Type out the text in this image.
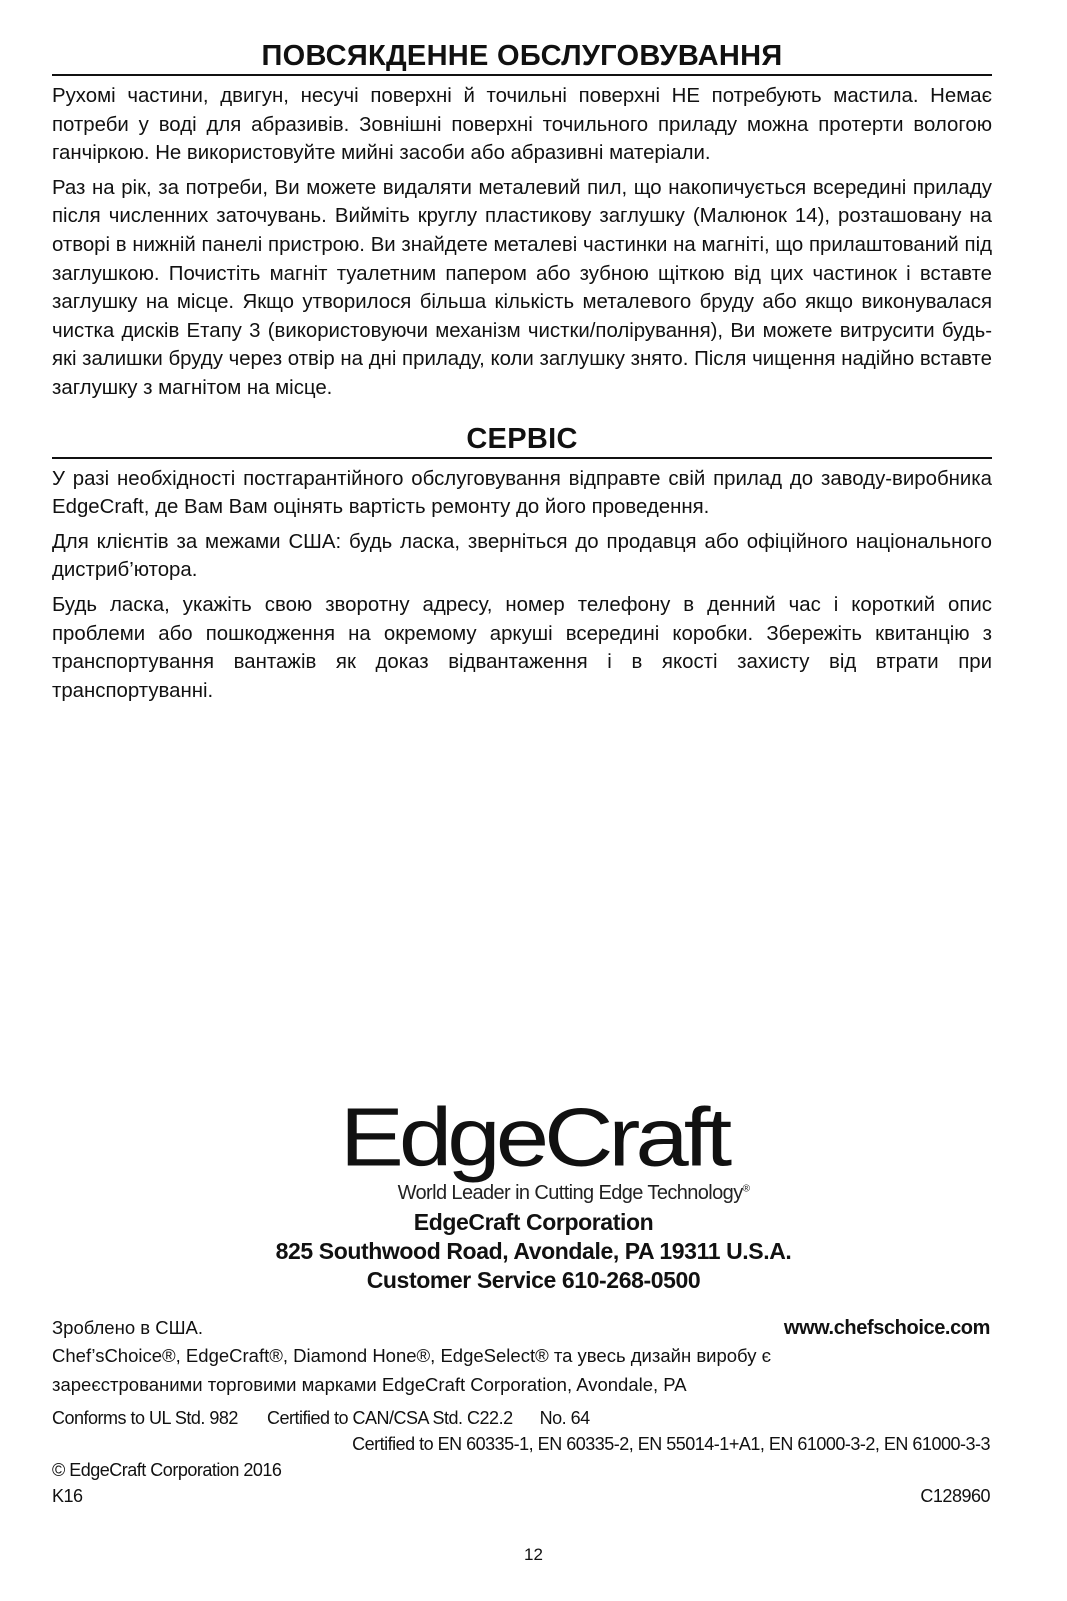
ПОВСЯКДЕННЕ ОБСЛУГОВУВАННЯ

Рухомі частини, двигун, несучі поверхні й точильні поверхні НЕ потребують мастила. Немає потреби у воді для абразивів. Зовнішні поверхні точильного приладу можна протерти вологою ганчіркою. Не використовуйте мийні засоби або абразивні матеріали.

Раз на рік, за потреби, Ви можете видаляти металевий пил, що накопичується всередині приладу після численних заточувань. Вийміть круглу пластикову заглушку (Малюнок 14), розташовану на отворі в нижній панелі пристрою. Ви знайдете металеві частинки на магніті, що прилаштований під заглушкою. Почистіть магніт туалетним папером або зубною щіткою від цих частинок і вставте заглушку на місце. Якщо утворилося більша кількість металевого бруду або якщо виконувалася чистка дисків Етапу 3 (використовуючи механізм чистки/полірування), Ви можете витрусити будь-які залишки бруду через отвір на дні приладу, коли заглушку знято. Після чищення надійно вставте заглушку з магнітом на місце.

СЕРВІС

У разі необхідності постгарантійного обслуговування відправте свій прилад до заводу-виробника EdgeCraft, де Вам Вам оцінять вартість ремонту до його проведення.

Для клієнтів за межами США: будь ласка, зверніться до продавця або офіційного національного дистриб’ютора.

Будь ласка, укажіть свою зворотну адресу, номер телефону в денний час і короткий опис проблеми або пошкодження на окремому аркуші всередині коробки. Збережіть квитанцію з транспортування вантажів як доказ відвантаження і в якості захисту від втрати при транспортуванні.

EdgeCraft
World Leader in Cutting Edge Technology®
EdgeCraft Corporation
825 Southwood Road, Avondale, PA 19311 U.S.A.
Customer Service 610-268-0500
Зроблено в США.	www.chefschoice.com
Chef’sChoice®, EdgeCraft®, Diamond Hone®, EdgeSelect® та увесь дизайн виробу є
зареєстрованими торговими марками EdgeCraft Corporation, Avondale, PA
Conforms to UL Std. 982 Certified to CAN/CSA Std. C22.2 No. 64
Certified to EN 60335-1, EN 60335-2, EN 55014-1+A1, EN 61000-3-2, EN 61000-3-3
© EdgeCraft Corporation 2016
K16	C128960
12
